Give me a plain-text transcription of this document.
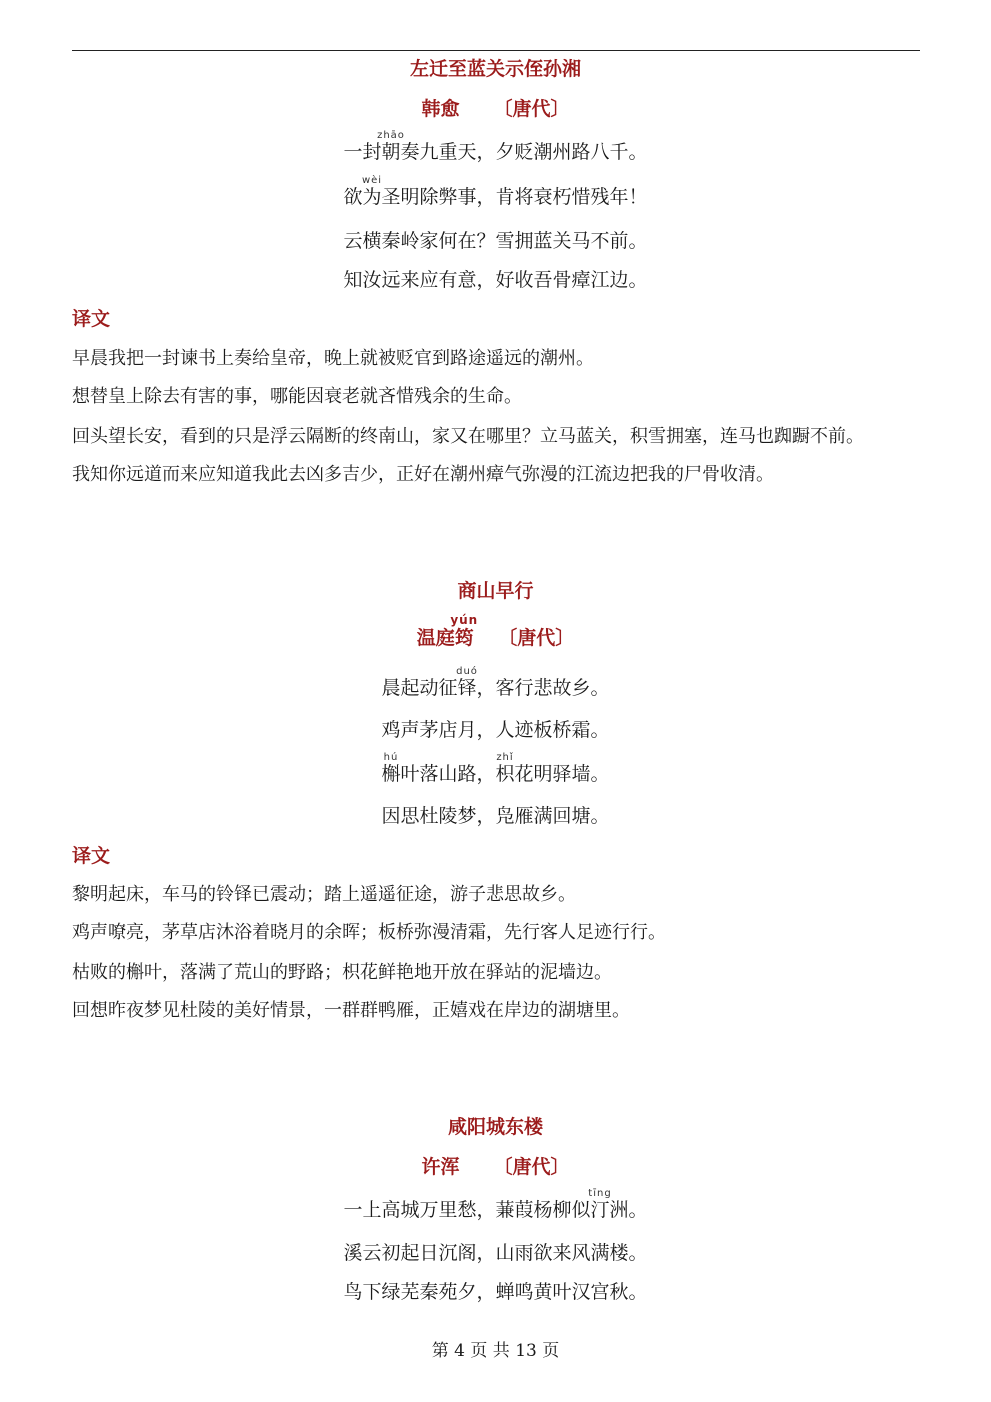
左迁至蓝关示侄孙湘
韩愈 〔唐代〕
一封朝zhāo奏九重天，夕贬潮州路八千。
欲为wèi圣明除弊事，肯将衰朽惜残年！
云横秦岭家何在？雪拥蓝关马不前。
知汝远来应有意，好收吾骨瘴江边。
译文
早晨我把一封谏书上奏给皇帝，晚上就被贬官到路途遥远的潮州。
想替皇上除去有害的事，哪能因衰老就吝惜残余的生命。
回头望长安，看到的只是浮云隔断的终南山，家又在哪里？立马蓝关，积雪拥塞，连马也踟蹰不前。
我知你远道而来应知道我此去凶多吉少，正好在潮州瘴气弥漫的江流边把我的尸骨收清。
商山早行
温庭筠yún〔唐代〕
晨起动征铎duó，客行悲故乡。
鸡声茅店月，人迹板桥霜。
槲hú叶落山路，枳zhǐ花明驿墙。
因思杜陵梦，凫雁满回塘。
译文
黎明起床，车马的铃铎已震动；踏上遥遥征途，游子悲思故乡。
鸡声嘹亮，茅草店沐浴着晓月的余晖；板桥弥漫清霜，先行客人足迹行行。
枯败的槲叶，落满了荒山的野路；枳花鲜艳地开放在驿站的泥墙边。
回想昨夜梦见杜陵的美好情景，一群群鸭雁，正嬉戏在岸边的湖塘里。
咸阳城东楼
许浑 〔唐代〕
一上高城万里愁，蒹葭杨柳似汀tīng洲。
溪云初起日沉阁，山雨欲来风满楼。
鸟下绿芜秦苑夕，蝉鸣黄叶汉宫秋。
第 4 页 共 13 页
